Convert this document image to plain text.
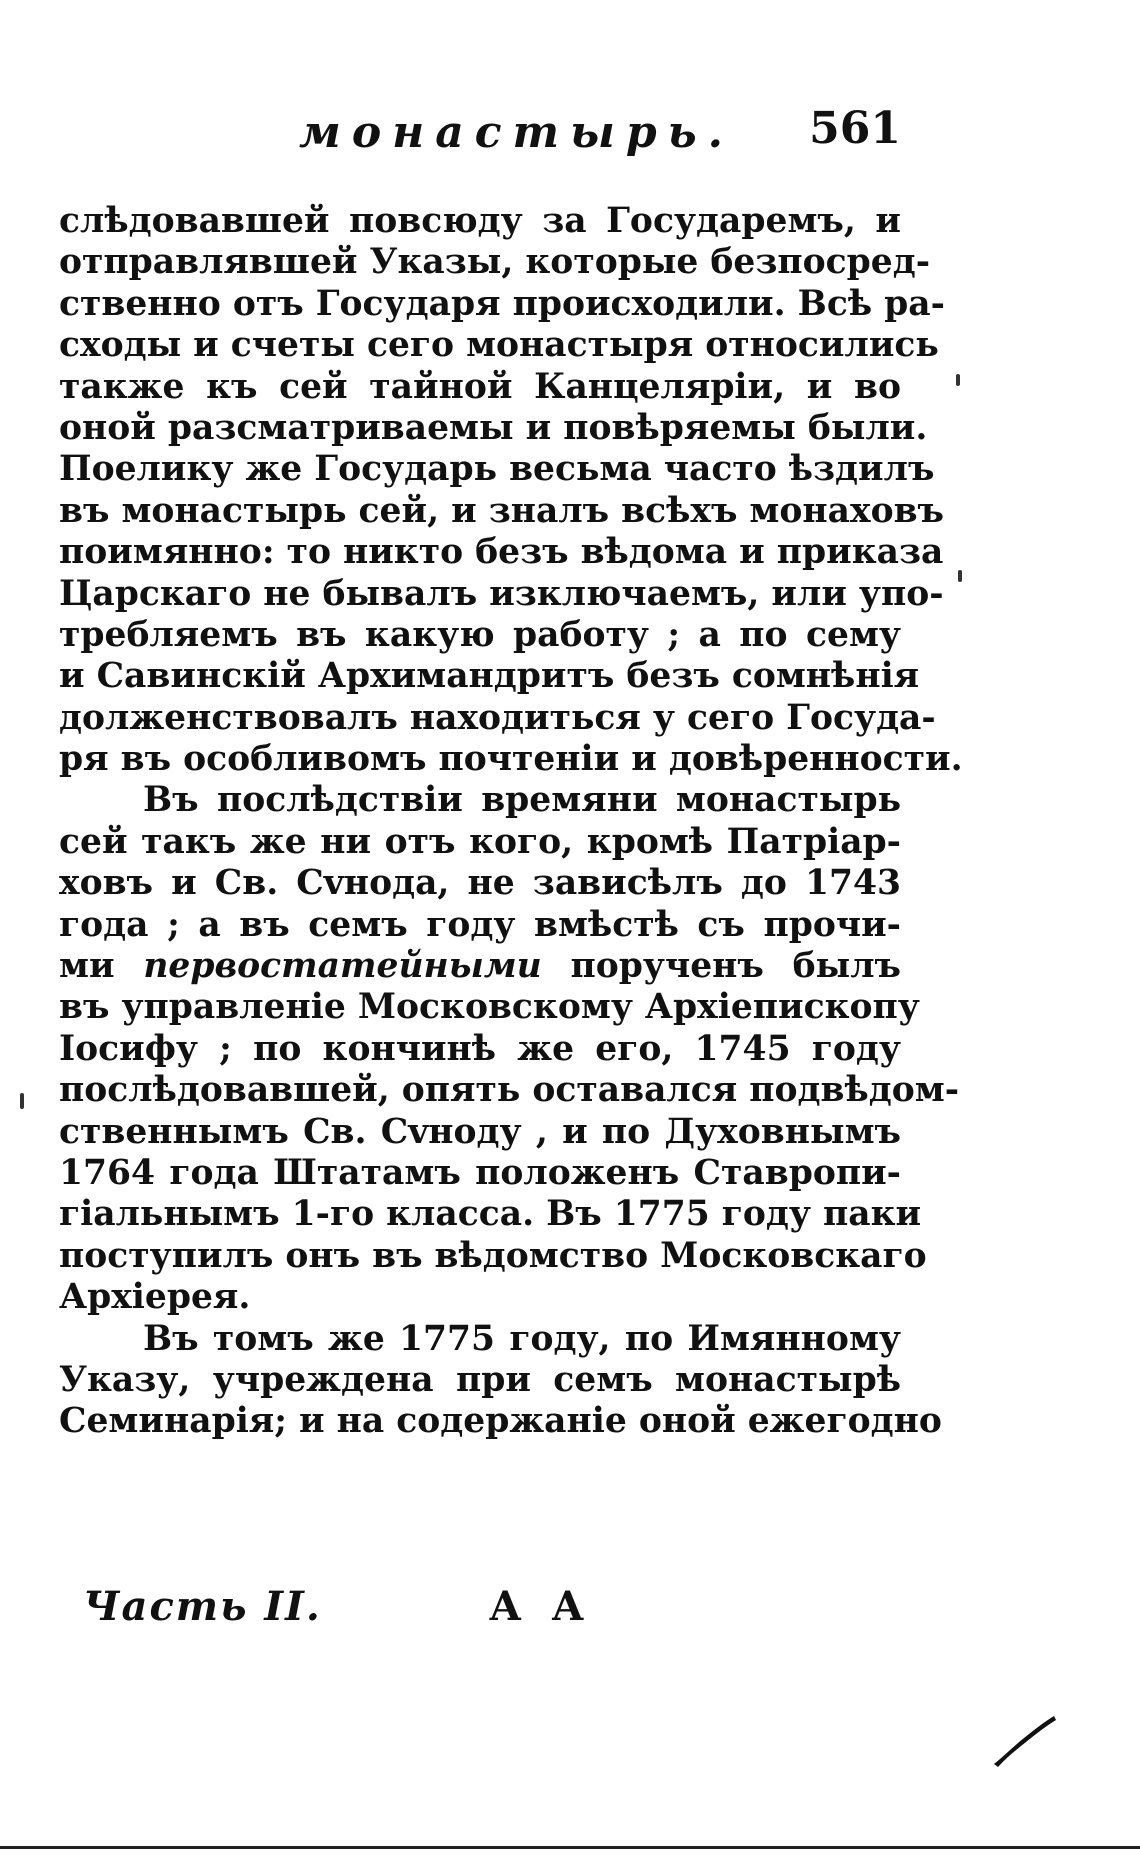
монастырь. 561
слѣдовавшей повсюду за Государемъ, и
отправлявшей Указы, которые безпосред-
ственно отъ Государя происходили. Всѣ ра-
сходы и счеты сего монастыря относились
также къ сей тайной Канцеляріи, и во
оной разсматриваемы и повѣряемы были.
Поелику же Государь весьма часто ѣздилъ
въ монастырь сей, и зналъ всѣхъ монаховъ
поимянно: то никто безъ вѣдома и приказа
Царскаго не бывалъ изключаемъ, или упо-
требляемъ въ какую работу ; а по сему
и Савинскій Архимандритъ безъ сомнѣнія
долженствовалъ находиться у сего Госуда-
ря въ особливомъ почтеніи и довѣренности.
Въ послѣдствіи времяни монастырь
сей такъ же ни отъ кого, кромѣ Патріар-
ховъ и Св. Сvнода, не зависѣлъ до 1743
года ; а въ семъ году вмѣстѣ съ прочи-
ми первостатейными порученъ былъ
въ управленіе Московскому Архіепископу
Іосифу ; по кончинѣ же его, 1745 году
послѣдовавшей, опять оставался подвѣдом-
ственнымъ Св. Сvноду , и по Духовнымъ
1764 года Штатамъ положенъ Ставропи-
гіальнымъ 1-го класса. Въ 1775 году паки
поступилъ онъ въ вѣдомство Московскаго
Архіерея.
Въ томъ же 1775 году, по Имянному
Указу, учреждена при семъ монастырѣ
Семинарія; и на содержаніе оной ежегодно
Часть II.	А А
